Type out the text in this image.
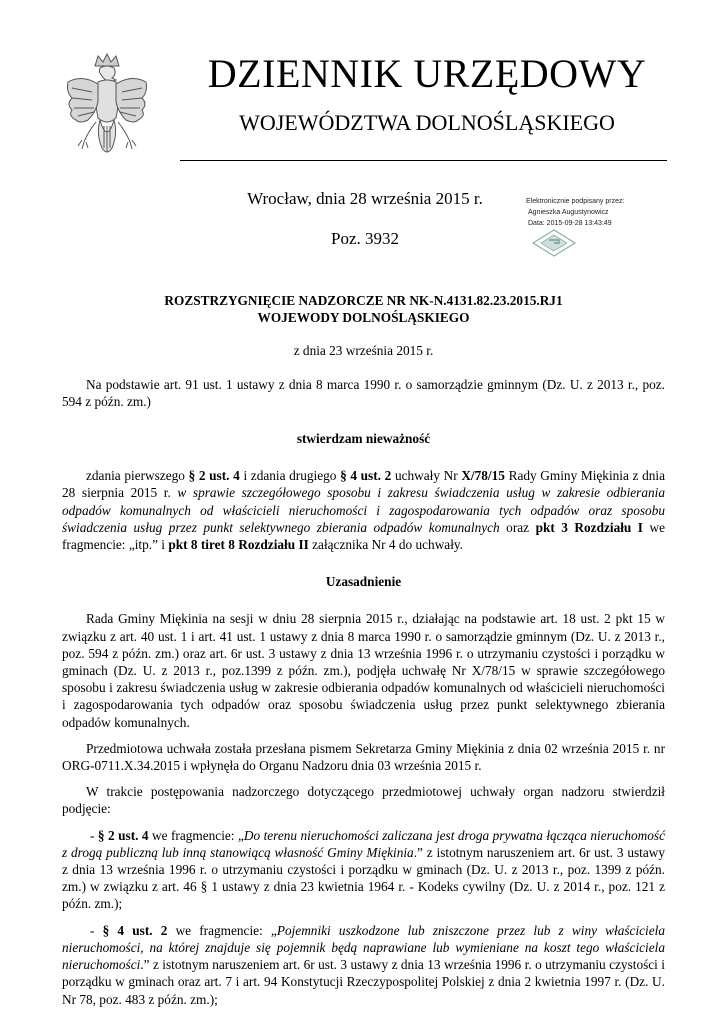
DZIENNIK URZĘDOWY
WOJEWÓDZTWA DOLNOŚLĄSKIEGO
Wrocław, dnia 28 września 2015 r.
Poz. 3932
Elektronicznie podpisany przez:
Agnieszka Augustynowicz
Data: 2015-09-28 13:43:49

ROZSTRZYGNIĘCIE NADZORCZE NR NK-N.4131.82.23.2015.RJ1

WOJEWODY DOLNOŚLĄSKIEGO

z dnia 23 września 2015 r.

Na podstawie art. 91 ust. 1 ustawy z dnia 8 marca 1990 r. o samorządzie gminnym (Dz. U. z 2013 r., poz. 594 z późn. zm.)

stwierdzam nieważność

zdania pierwszego § 2 ust. 4 i zdania drugiego § 4 ust. 2 uchwały Nr X/78/15 Rady Gminy Miękinia z dnia 28 sierpnia 2015 r. w sprawie szczegółowego sposobu i zakresu świadczenia usług w zakresie odbierania odpadów komunalnych od właścicieli nieruchomości i zagospodarowania tych odpadów oraz sposobu świadczenia usług przez punkt selektywnego zbierania odpadów komunalnych oraz pkt 3 Rozdziału I we fragmencie: „itp.” i pkt 8 tiret 8 Rozdziału II załącznika Nr 4 do uchwały.

Uzasadnienie

Rada Gminy Miękinia na sesji w dniu 28 sierpnia 2015 r., działając na podstawie art. 18 ust. 2 pkt 15 w związku z art. 40 ust. 1 i art. 41 ust. 1 ustawy z dnia 8 marca 1990 r. o samorządzie gminnym (Dz. U. z 2013 r., poz. 594 z późn. zm.) oraz art. 6r ust. 3 ustawy z dnia 13 września 1996 r. o utrzymaniu czystości i porządku w gminach (Dz. U. z 2013 r., poz.1399 z późn. zm.), podjęła uchwałę Nr X/78/15 w sprawie szczegółowego sposobu i zakresu świadczenia usług w zakresie odbierania odpadów komunalnych od właścicieli nieruchomości i zagospodarowania tych odpadów oraz sposobu świadczenia usług przez punkt selektywnego zbierania odpadów komunalnych.

Przedmiotowa uchwała została przesłana pismem Sekretarza Gminy Miękinia z dnia 02 września 2015 r. nr ORG-0711.X.34.2015 i wpłynęła do Organu Nadzoru dnia 03 września 2015 r.

W trakcie postępowania nadzorczego dotyczącego przedmiotowej uchwały organ nadzoru stwierdził podjęcie:

- § 2 ust. 4 we fragmencie: „Do terenu nieruchomości zaliczana jest droga prywatna łącząca nieruchomość z drogą publiczną lub inną stanowiącą własność Gminy Miękinia.” z istotnym naruszeniem art. 6r ust. 3 ustawy z dnia 13 września 1996 r. o utrzymaniu czystości i porządku w gminach (Dz. U. z 2013 r., poz. 1399 z późn. zm.) w związku z art. 46 § 1 ustawy z dnia 23 kwietnia 1964 r. - Kodeks cywilny (Dz. U. z 2014 r., poz. 121 z późn. zm.);

- § 4 ust. 2 we fragmencie: „Pojemniki uszkodzone lub zniszczone przez lub z winy właściciela nieruchomości, na której znajduje się pojemnik będą naprawiane lub wymieniane na koszt tego właściciela nieruchomości.” z istotnym naruszeniem art. 6r ust. 3 ustawy z dnia 13 września 1996 r. o utrzymaniu czystości i porządku w gminach oraz art. 7 i art. 94 Konstytucji Rzeczypospolitej Polskiej z dnia 2 kwietnia 1997 r. (Dz. U. Nr 78, poz. 483 z późn. zm.);
